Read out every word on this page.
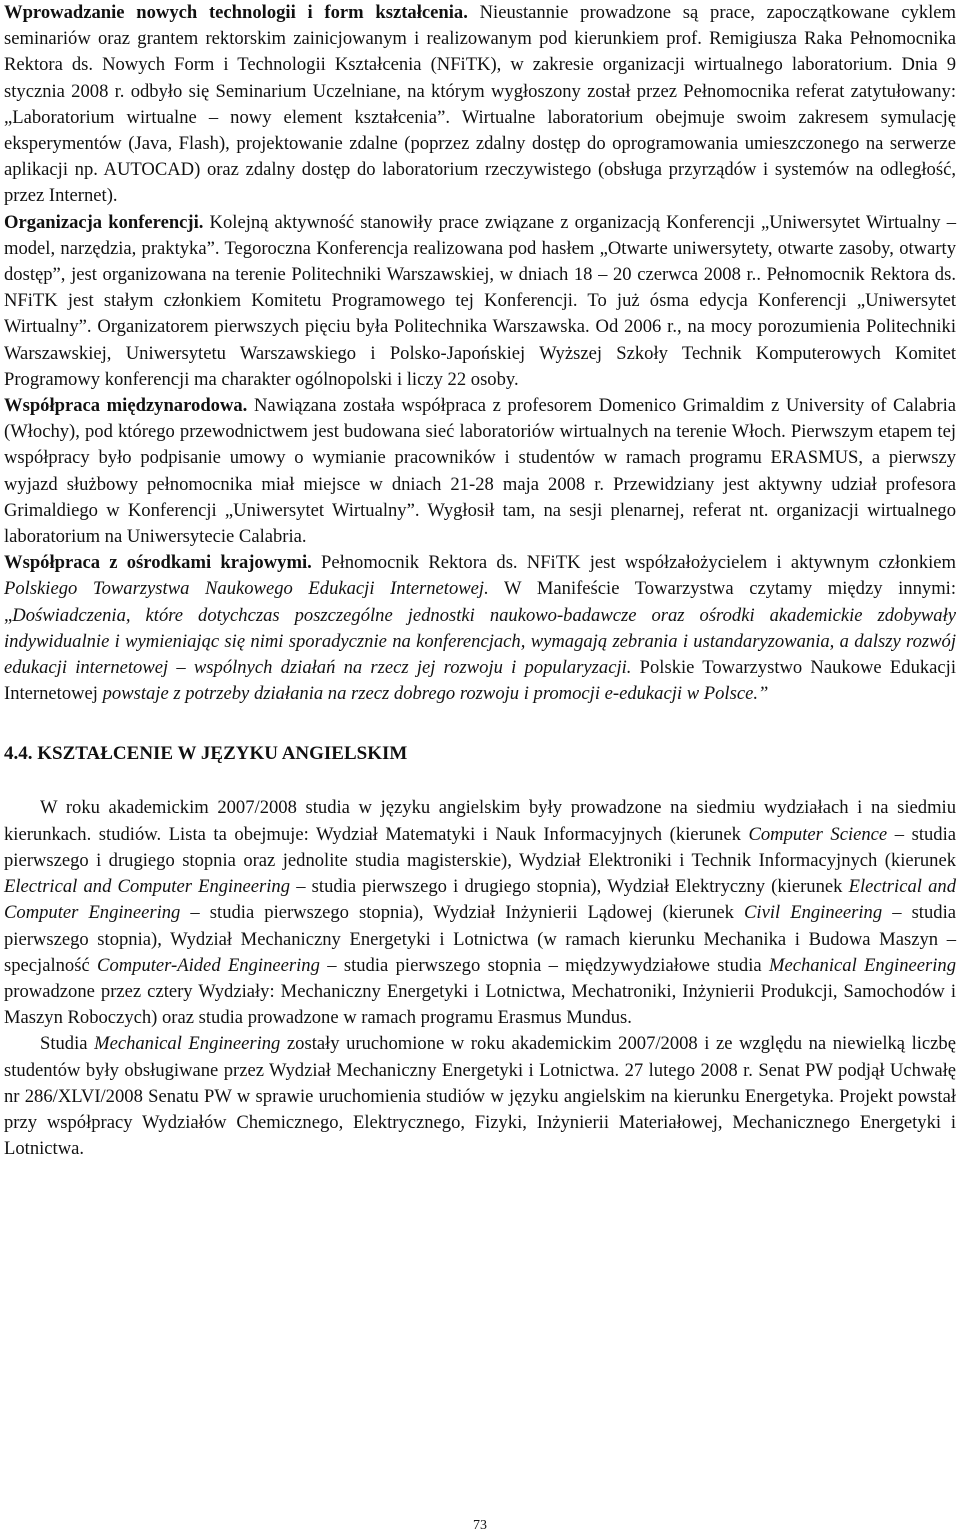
Wprowadzanie nowych technologii i form kształcenia. Nieustannie prowadzone są prace, zapoczątkowane cyklem seminariów oraz grantem rektorskim zainicjowanym i realizowanym pod kierunkiem prof. Remigiusza Raka Pełnomocnika Rektora ds. Nowych Form i Technologii Kształcenia (NFiTK), w zakresie organizacji wirtualnego laboratorium. Dnia 9 stycznia 2008 r. odbyło się Seminarium Uczelniane, na którym wygłoszony został przez Pełnomocnika referat zatytułowany: „Laboratorium wirtualne – nowy element kształcenia”. Wirtualne laboratorium obejmuje swoim zakresem symulację eksperymentów (Java, Flash), projektowanie zdalne (poprzez zdalny dostęp do oprogramowania umieszczonego na serwerze aplikacji np. AUTOCAD) oraz zdalny dostęp do laboratorium rzeczywistego (obsługa przyrządów i systemów na odległość, przez Internet).

Organizacja konferencji. Kolejną aktywność stanowiły prace związane z organizacją Konferencji „Uniwersytet Wirtualny – model, narzędzia, praktyka”. Tegoroczna Konferencja realizowana pod hasłem „Otwarte uniwersytety, otwarte zasoby, otwarty dostęp”, jest organizowana na terenie Politechniki Warszawskiej, w dniach 18 – 20 czerwca 2008 r.. Pełnomocnik Rektora ds. NFiTK jest stałym członkiem Komitetu Programowego tej Konferencji. To już ósma edycja Konferencji „Uniwersytet Wirtualny”. Organizatorem pierwszych pięciu była Politechnika Warszawska. Od 2006 r., na mocy porozumienia Politechniki Warszawskiej, Uniwersytetu Warszawskiego i Polsko-Japońskiej Wyższej Szkoły Technik Komputerowych Komitet Programowy konferencji ma charakter ogólnopolski i liczy 22 osoby.

Współpraca międzynarodowa. Nawiązana została współpraca z profesorem Domenico Grimaldim z University of Calabria (Włochy), pod którego przewodnictwem jest budowana sieć laboratoriów wirtualnych na terenie Włoch. Pierwszym etapem tej współpracy było podpisanie umowy o wymianie pracowników i studentów w ramach programu ERASMUS, a pierwszy wyjazd służbowy pełnomocnika miał miejsce w dniach 21-28 maja 2008 r. Przewidziany jest aktywny udział profesora Grimaldiego w Konferencji „Uniwersytet Wirtualny”. Wygłosił tam, na sesji plenarnej, referat nt. organizacji wirtualnego laboratorium na Uniwersytecie Calabria.

Współpraca z ośrodkami krajowymi. Pełnomocnik Rektora ds. NFiTK jest współzałożycielem i aktywnym członkiem Polskiego Towarzystwa Naukowego Edukacji Internetowej. W Manifeście Towarzystwa czytamy między innymi: „Doświadczenia, które dotychczas poszczególne jednostki naukowo-badawcze oraz ośrodki akademickie zdobywały indywidualnie i wymieniając się nimi sporadycznie na konferencjach, wymagają zebrania i ustandaryzowania, a dalszy rozwój edukacji internetowej – wspólnych działań na rzecz jej rozwoju i popularyzacji. Polskie Towarzystwo Naukowe Edukacji Internetowej powstaje z potrzeby działania na rzecz dobrego rozwoju i promocji e-edukacji w Polsce.”

4.4. KSZTAŁCENIE W JĘZYKU ANGIELSKIM

W roku akademickim 2007/2008 studia w języku angielskim były prowadzone na siedmiu wydziałach i na siedmiu kierunkach. studiów. Lista ta obejmuje: Wydział Matematyki i Nauk Informacyjnych (kierunek Computer Science – studia pierwszego i drugiego stopnia oraz jednolite studia magisterskie), Wydział Elektroniki i Technik Informacyjnych (kierunek Electrical and Computer Engineering – studia pierwszego i drugiego stopnia), Wydział Elektryczny (kierunek Electrical and Computer Engineering – studia pierwszego stopnia), Wydział Inżynierii Lądowej (kierunek Civil Engineering – studia pierwszego stopnia), Wydział Mechaniczny Energetyki i Lotnictwa (w ramach kierunku Mechanika i Budowa Maszyn – specjalność Computer-Aided Engineering – studia pierwszego stopnia – międzywydziałowe studia Mechanical Engineering prowadzone przez cztery Wydziały: Mechaniczny Energetyki i Lotnictwa, Mechatroniki, Inżynierii Produkcji, Samochodów i Maszyn Roboczych) oraz studia prowadzone w ramach programu Erasmus Mundus.

Studia Mechanical Engineering zostały uruchomione w roku akademickim 2007/2008 i ze względu na niewielką liczbę studentów były obsługiwane przez Wydział Mechaniczny Energetyki i Lotnictwa. 27 lutego 2008 r. Senat PW podjął Uchwałę nr 286/XLVI/2008 Senatu PW w sprawie uruchomienia studiów w języku angielskim na kierunku Energetyka. Projekt powstał przy współpracy Wydziałów Chemicznego, Elektrycznego, Fizyki, Inżynierii Materiałowej, Mechanicznego Energetyki i Lotnictwa.

73
